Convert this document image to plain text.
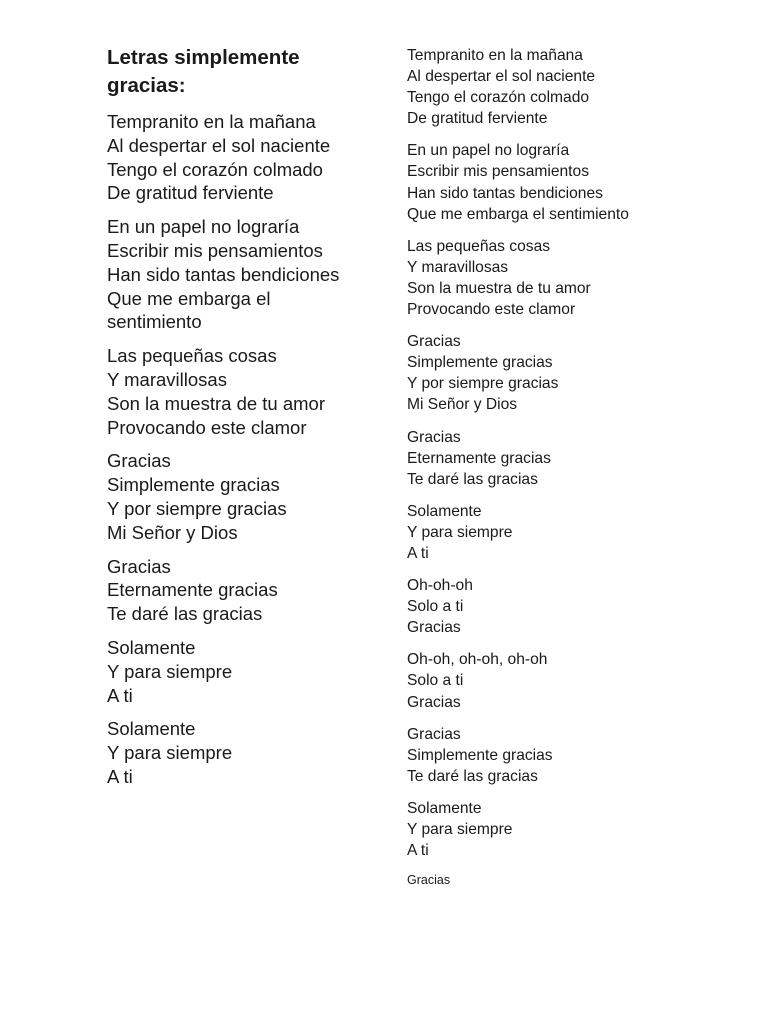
Letras simplemente gracias:
Tempranito en la mañana
Al despertar el sol naciente
Tengo el corazón colmado
De gratitud ferviente
En un papel no lograría
Escribir mis pensamientos
Han sido tantas bendiciones
Que me embarga el
sentimiento
Las pequeñas cosas
Y maravillosas
Son la muestra de tu amor
Provocando este clamor
Gracias
Simplemente gracias
Y por siempre gracias
Mi Señor y Dios
Gracias
Eternamente gracias
Te daré las gracias
Solamente
Y para siempre
A ti
Solamente
Y para siempre
A ti
Tempranito en la mañana
Al despertar el sol naciente
Tengo el corazón colmado
De gratitud ferviente
En un papel no lograría
Escribir mis pensamientos
Han sido tantas bendiciones
Que me embarga el sentimiento
Las pequeñas cosas
Y maravillosas
Son la muestra de tu amor
Provocando este clamor
Gracias
Simplemente gracias
Y por siempre gracias
Mi Señor y Dios
Gracias
Eternamente gracias
Te daré las gracias
Solamente
Y para siempre
A ti
Oh-oh-oh
Solo a ti
Gracias
Oh-oh, oh-oh, oh-oh
Solo a ti
Gracias
Gracias
Simplemente gracias
Te daré las gracias
Solamente
Y para siempre
A ti
Gracias
